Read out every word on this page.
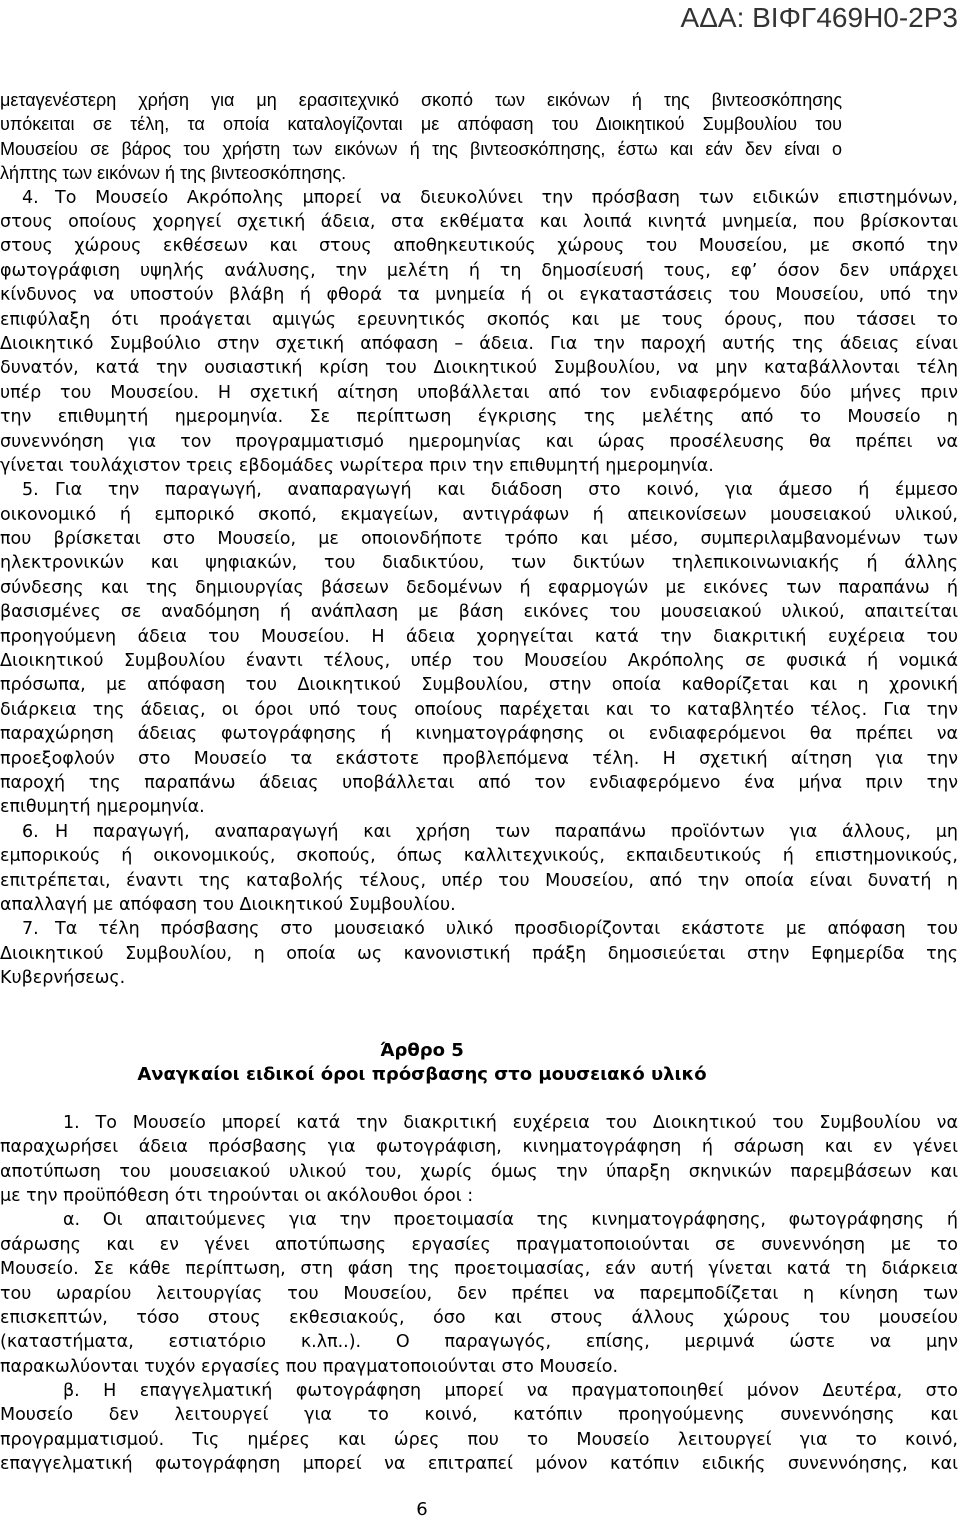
ΑΔΑ: ΒΙΦΓ469Η0-2Ρ3
μεταγενέστερη χρήση για μη ερασιτεχνικό σκοπό των εικόνων ή της βιντεοσκόπησης
υπόκειται σε τέλη, τα οποία καταλογίζονται με απόφαση του Διοικητικού Συμβουλίου του
Μουσείου σε βάρος του χρήστη των εικόνων ή της βιντεοσκόπησης, έστω και εάν δεν είναι ο
λήπτης των εικόνων ή της βιντεοσκόπησης.
4. Το Μουσείο Ακρόπολης μπορεί να διευκολύνει την πρόσβαση των ειδικών επιστημόνων,
στους οποίους χορηγεί σχετική άδεια, στα εκθέματα και λοιπά κινητά μνημεία, που βρίσκονται
στους χώρους εκθέσεων και στους αποθηκευτικούς χώρους του Μουσείου, με σκοπό την
φωτογράφιση υψηλής ανάλυσης, την μελέτη ή τη δημοσίευσή τους, εφ’ όσον δεν υπάρχει
κίνδυνος να υποστούν βλάβη ή φθορά τα μνημεία ή οι εγκαταστάσεις του Μουσείου, υπό την
επιφύλαξη ότι προάγεται αμιγώς ερευνητικός σκοπός και με τους όρους, που τάσσει το
Διοικητικό Συμβούλιο στην σχετική απόφαση – άδεια. Για την παροχή αυτής της άδειας είναι
δυνατόν, κατά την ουσιαστική κρίση του Διοικητικού Συμβουλίου, να μην καταβάλλονται τέλη
υπέρ του Μουσείου. Η σχετική αίτηση υποβάλλεται από τον ενδιαφερόμενο δύο μήνες πριν
την επιθυμητή ημερομηνία. Σε περίπτωση έγκρισης της μελέτης από το Μουσείο η
συνεννόηση για τον προγραμματισμό ημερομηνίας και ώρας προσέλευσης θα πρέπει να
γίνεται τουλάχιστον τρεις εβδομάδες νωρίτερα πριν την επιθυμητή ημερομηνία.
5. Για την παραγωγή, αναπαραγωγή και διάδοση στο κοινό, για άμεσο ή έμμεσο
οικονομικό ή εμπορικό σκοπό, εκμαγείων, αντιγράφων ή απεικονίσεων μουσειακού υλικού,
που βρίσκεται στο Μουσείο, με οποιονδήποτε τρόπο και μέσο, συμπεριλαμβανομένων των
ηλεκτρονικών και ψηφιακών, του διαδικτύου, των δικτύων τηλεπικοινωνιακής ή άλλης
σύνδεσης και της δημιουργίας βάσεων δεδομένων ή εφαρμογών με εικόνες των παραπάνω ή
βασισμένες σε αναδόμηση ή ανάπλαση με βάση εικόνες του μουσειακού υλικού, απαιτείται
προηγούμενη άδεια του Μουσείου. Η άδεια χορηγείται κατά την διακριτική ευχέρεια του
Διοικητικού Συμβουλίου έναντι τέλους, υπέρ του Μουσείου Ακρόπολης σε φυσικά ή νομικά
πρόσωπα, με απόφαση του Διοικητικού Συμβουλίου, στην οποία καθορίζεται και η χρονική
διάρκεια της άδειας, οι όροι υπό τους οποίους παρέχεται και το καταβλητέο τέλος. Για την
παραχώρηση άδειας φωτογράφησης ή κινηματογράφησης οι ενδιαφερόμενοι θα πρέπει να
προεξοφλούν στο Μουσείο τα εκάστοτε προβλεπόμενα τέλη. Η σχετική αίτηση για την
παροχή της παραπάνω άδειας υποβάλλεται από τον ενδιαφερόμενο ένα μήνα πριν την
επιθυμητή ημερομηνία.
6. Η παραγωγή, αναπαραγωγή και χρήση των παραπάνω προϊόντων για άλλους, μη
εμπορικούς ή οικονομικούς, σκοπούς, όπως καλλιτεχνικούς, εκπαιδευτικούς ή επιστημονικούς,
επιτρέπεται, έναντι της καταβολής τέλους, υπέρ του Μουσείου, από την οποία είναι δυνατή η
απαλλαγή με απόφαση του Διοικητικού Συμβουλίου.
7. Τα τέλη πρόσβασης στο μουσειακό υλικό προσδιορίζονται εκάστοτε με απόφαση του
Διοικητικού Συμβουλίου, η οποία ως κανονιστική πράξη δημοσιεύεται στην Εφημερίδα της
Κυβερνήσεως.
Άρθρο 5
Αναγκαίοι ειδικοί όροι πρόσβασης στο μουσειακό υλικό
1. Το Μουσείο μπορεί κατά την διακριτική ευχέρεια του Διοικητικού του Συμβουλίου να
παραχωρήσει άδεια πρόσβασης για φωτογράφιση, κινηματογράφηση ή σάρωση και εν γένει
αποτύπωση του μουσειακού υλικού του, χωρίς όμως την ύπαρξη σκηνικών παρεμβάσεων και
με την προϋπόθεση ότι τηρούνται οι ακόλουθοι όροι :
α. Οι απαιτούμενες για την προετοιμασία της κινηματογράφησης, φωτογράφησης ή
σάρωσης και εν γένει αποτύπωσης εργασίες πραγματοποιούνται σε συνεννόηση με το
Μουσείο. Σε κάθε περίπτωση, στη φάση της προετοιμασίας, εάν αυτή γίνεται κατά τη διάρκεια
του ωραρίου λειτουργίας του Μουσείου, δεν πρέπει να παρεμποδίζεται η κίνηση των
επισκεπτών, τόσο στους εκθεσιακούς, όσο και στους άλλους χώρους του μουσείου
(καταστήματα, εστιατόριο κ.λπ..). Ο παραγωγός, επίσης, μεριμνά ώστε να μην
παρακωλύονται τυχόν εργασίες που πραγματοποιούνται στο Μουσείο.
β. Η επαγγελματική φωτογράφηση μπορεί να πραγματοποιηθεί μόνον Δευτέρα, στο
Μουσείο δεν λειτουργεί για το κοινό, κατόπιν προηγούμενης συνεννόησης και
προγραμματισμού. Τις ημέρες και ώρες που το Μουσείο λειτουργεί για το κοινό,
επαγγελματική φωτογράφηση μπορεί να επιτραπεί μόνον κατόπιν ειδικής συνεννόησης, και
6
